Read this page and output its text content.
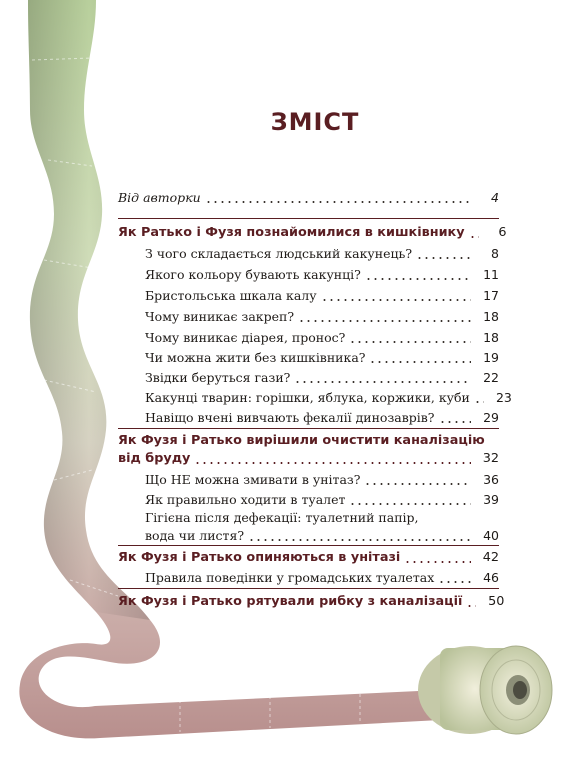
ЗМІСТ
Від авторки	4
Як Ратько і Фузя познайомилися в кишківнику	6
З чого складається людський какунець?	8
Якого кольору бувають какунці?	11
Бристольська шкала калу	17
Чому виникає закреп?	18
Чому виникає діарея, пронос?	18
Чи можна жити без кишківника?	19
Звідки беруться гази?	22
Какунці тварин: горішки, яблука, коржики, куби	23
Навіщо вчені вивчають фекалії динозаврів?	29
Як Фузя і Ратько вирішили очистити каналізацію
від бруду	32
Що НЕ можна змивати в унітаз?	36
Як правильно ходити в туалет	39
Гігієна після дефекації: туалетний папір,
вода чи листя?	40
Як Фузя і Ратько опиняються в унітазі	42
Правила поведінки у громадських туалетах	46
Як Фузя і Ратько рятували рибку з каналізації	50
